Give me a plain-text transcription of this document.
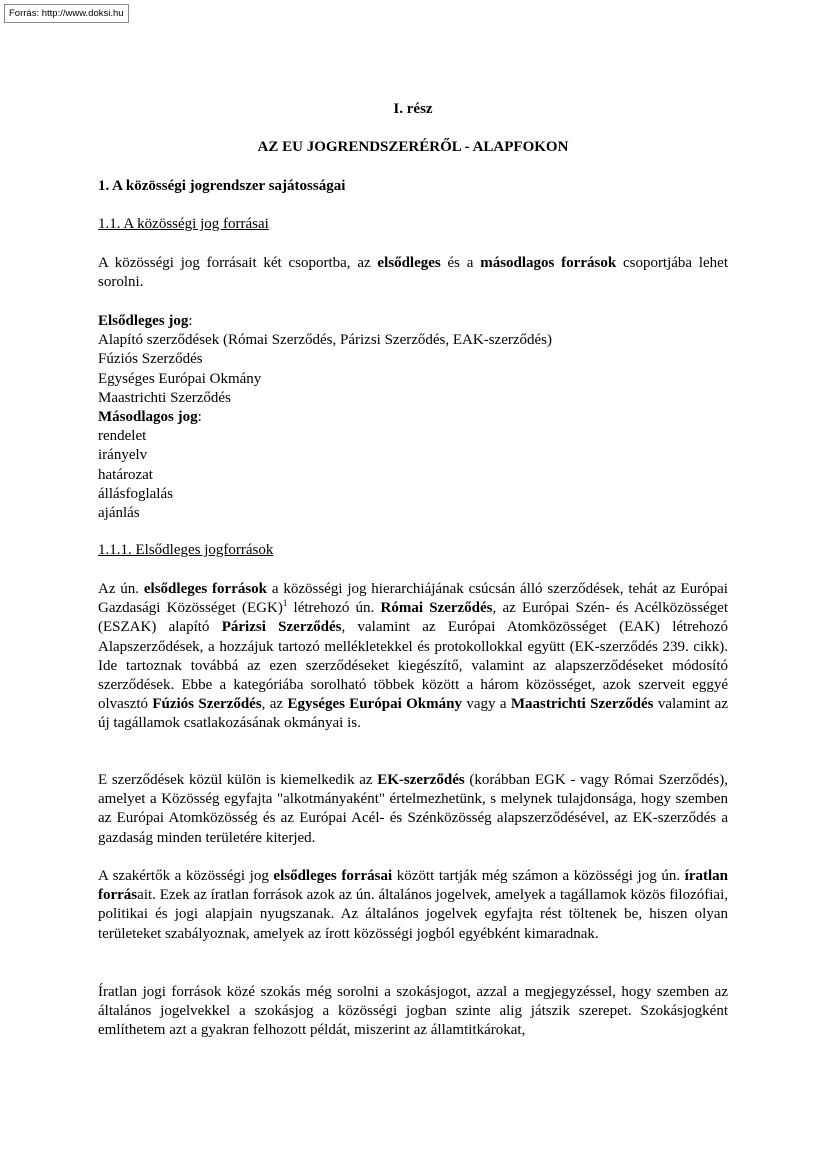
Forrás: http://www.doksi.hu

I. rész

AZ EU JOGRENDSZERÉRŐL - ALAPFOKON

1. A közösségi jogrendszer sajátosságai

1.1. A közösségi jog forrásai

A közösségi jog forrásait két csoportba, az elsődleges és a másodlagos források csoportjába lehet sorolni.

Elsődleges jog:
Alapító szerződések (Római Szerződés, Párizsi Szerződés, EAK-szerződés)
Fúziós Szerződés
Egységes Európai Okmány
Maastrichti Szerződés
Másodlagos jog:
rendelet
irányelv
határozat
állásfoglalás
ajánlás

1.1.1. Elsődleges jogforrások

Az ún. elsődleges források a közösségi jog hierarchiájának csúcsán álló szerződések, tehát az Európai Gazdasági Közösséget (EGK)$^1$ létrehozó ún. Római Szerződés, az Európai Szén- és Acélközösséget (ESZAK) alapító Párizsi Szerződés, valamint az Európai Atomközösséget (EAK) létrehozó Alapszerződések, a hozzájuk tartozó mellékletekkel és protokollokkal együtt (EK-szerződés 239. cikk). Ide tartoznak továbbá az ezen szerződéseket kiegészítő, valamint az alapszerződéseket módosító szerződések. Ebbe a kategóriába sorolható többek között a három közösséget, azok szerveit eggyé olvasztó Fúziós Szerződés, az Egységes Európai Okmány vagy a Maastrichti Szerződés valamint az új tagállamok csatlakozásának okmányai is.

E szerződések közül külön is kiemelkedik az EK-szerződés (korábban EGK - vagy Római Szerződés), amelyet a Közösség egyfajta "alkotmányaként" értelmezhetünk, s melynek tulajdonsága, hogy szemben az Európai Atomközösség és az Európai Acél- és Szénközösség alapszerződésével, az EK-szerződés a gazdaság minden területére kiterjed.

A szakértők a közösségi jog elsődleges forrásai között tartják még számon a közösségi jog ún. íratlan forrásait. Ezek az íratlan források azok az ún. általános jogelvek, amelyek a tagállamok közös filozófiai, politikai és jogi alapjain nyugszanak. Az általános jogelvek egyfajta rést töltenek be, hiszen olyan területeket szabályoznak, amelyek az írott közösségi jogból egyébként kimaradnak.

Íratlan jogi források közé szokás még sorolni a szokásjogot, azzal a megjegyzéssel, hogy szemben az általános jogelvekkel a szokásjog a közösségi jogban szinte alig játszik szerepet. Szokásjogként említhetem azt a gyakran felhozott példát, miszerint az államtitkárokat,
